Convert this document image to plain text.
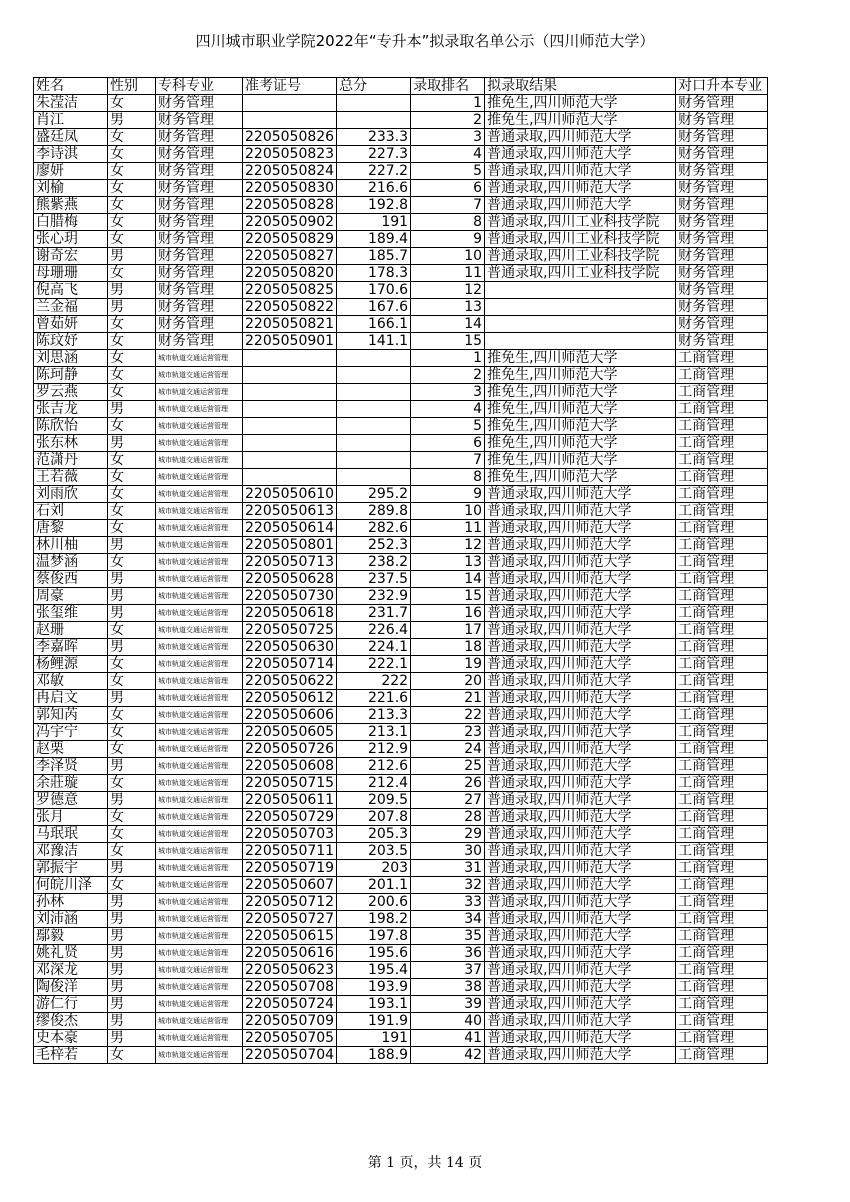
四川城市职业学院2022年“专升本”拟录取名单公示（四川师范大学）
姓名	性别	专科专业	准考证号	总分	录取排名	拟录取结果	对口升本专业
朱滢洁	女	财务管理			1	推免生,四川师范大学	财务管理
肖江	男	财务管理			2	推免生,四川师范大学	财务管理
盛廷凤	女	财务管理	2205050826	233.3	3	普通录取,四川师范大学	财务管理
李诗淇	女	财务管理	2205050823	227.3	4	普通录取,四川师范大学	财务管理
廖妍	女	财务管理	2205050824	227.2	5	普通录取,四川师范大学	财务管理
刘榆	女	财务管理	2205050830	216.6	6	普通录取,四川师范大学	财务管理
熊紫燕	女	财务管理	2205050828	192.8	7	普通录取,四川师范大学	财务管理
白腊梅	女	财务管理	2205050902	191	8	普通录取,四川工业科技学院	财务管理
张心玥	女	财务管理	2205050829	189.4	9	普通录取,四川工业科技学院	财务管理
谢奇宏	男	财务管理	2205050827	185.7	10	普通录取,四川工业科技学院	财务管理
母珊珊	女	财务管理	2205050820	178.3	11	普通录取,四川工业科技学院	财务管理
倪高飞	男	财务管理	2205050825	170.6	12		财务管理
兰金福	男	财务管理	2205050822	167.6	13		财务管理
曾茹妍	女	财务管理	2205050821	166.1	14		财务管理
陈玟妤	女	财务管理	2205050901	141.1	15		财务管理
刘思涵	女	城市轨道交通运营管理			1	推免生,四川师范大学	工商管理
陈珂静	女	城市轨道交通运营管理			2	推免生,四川师范大学	工商管理
罗云燕	女	城市轨道交通运营管理			3	推免生,四川师范大学	工商管理
张吉龙	男	城市轨道交通运营管理			4	推免生,四川师范大学	工商管理
陈欣怡	女	城市轨道交通运营管理			5	推免生,四川师范大学	工商管理
张东林	男	城市轨道交通运营管理			6	推免生,四川师范大学	工商管理
范潇丹	女	城市轨道交通运营管理			7	推免生,四川师范大学	工商管理
王若薇	女	城市轨道交通运营管理			8	推免生,四川师范大学	工商管理
刘雨欣	女	城市轨道交通运营管理	2205050610	295.2	9	普通录取,四川师范大学	工商管理
石刘	女	城市轨道交通运营管理	2205050613	289.8	10	普通录取,四川师范大学	工商管理
唐黎	女	城市轨道交通运营管理	2205050614	282.6	11	普通录取,四川师范大学	工商管理
林川柚	男	城市轨道交通运营管理	2205050801	252.3	12	普通录取,四川师范大学	工商管理
温梦涵	女	城市轨道交通运营管理	2205050713	238.2	13	普通录取,四川师范大学	工商管理
蔡俊西	男	城市轨道交通运营管理	2205050628	237.5	14	普通录取,四川师范大学	工商管理
周豪	男	城市轨道交通运营管理	2205050730	232.9	15	普通录取,四川师范大学	工商管理
张玺维	男	城市轨道交通运营管理	2205050618	231.7	16	普通录取,四川师范大学	工商管理
赵珊	女	城市轨道交通运营管理	2205050725	226.4	17	普通录取,四川师范大学	工商管理
李嘉晖	男	城市轨道交通运营管理	2205050630	224.1	18	普通录取,四川师范大学	工商管理
杨鲤源	女	城市轨道交通运营管理	2205050714	222.1	19	普通录取,四川师范大学	工商管理
邓敏	女	城市轨道交通运营管理	2205050622	222	20	普通录取,四川师范大学	工商管理
冉启文	男	城市轨道交通运营管理	2205050612	221.6	21	普通录取,四川师范大学	工商管理
郭知芮	女	城市轨道交通运营管理	2205050606	213.3	22	普通录取,四川师范大学	工商管理
冯宇宁	女	城市轨道交通运营管理	2205050605	213.1	23	普通录取,四川师范大学	工商管理
赵栗	女	城市轨道交通运营管理	2205050726	212.9	24	普通录取,四川师范大学	工商管理
李泽贤	男	城市轨道交通运营管理	2205050608	212.6	25	普通录取,四川师范大学	工商管理
余莊璇	女	城市轨道交通运营管理	2205050715	212.4	26	普通录取,四川师范大学	工商管理
罗德意	男	城市轨道交通运营管理	2205050611	209.5	27	普通录取,四川师范大学	工商管理
张月	女	城市轨道交通运营管理	2205050729	207.8	28	普通录取,四川师范大学	工商管理
马珉珉	女	城市轨道交通运营管理	2205050703	205.3	29	普通录取,四川师范大学	工商管理
邓豫洁	女	城市轨道交通运营管理	2205050711	203.5	30	普通录取,四川师范大学	工商管理
郭振宇	男	城市轨道交通运营管理	2205050719	203	31	普通录取,四川师范大学	工商管理
何皖川泽	女	城市轨道交通运营管理	2205050607	201.1	32	普通录取,四川师范大学	工商管理
孙林	男	城市轨道交通运营管理	2205050712	200.6	33	普通录取,四川师范大学	工商管理
刘沛涵	男	城市轨道交通运营管理	2205050727	198.2	34	普通录取,四川师范大学	工商管理
鄢毅	男	城市轨道交通运营管理	2205050615	197.8	35	普通录取,四川师范大学	工商管理
姚礼贤	男	城市轨道交通运营管理	2205050616	195.6	36	普通录取,四川师范大学	工商管理
邓深龙	男	城市轨道交通运营管理	2205050623	195.4	37	普通录取,四川师范大学	工商管理
陶俊洋	男	城市轨道交通运营管理	2205050708	193.9	38	普通录取,四川师范大学	工商管理
游仁行	男	城市轨道交通运营管理	2205050724	193.1	39	普通录取,四川师范大学	工商管理
缪俊杰	男	城市轨道交通运营管理	2205050709	191.9	40	普通录取,四川师范大学	工商管理
史本豪	男	城市轨道交通运营管理	2205050705	191	41	普通录取,四川师范大学	工商管理
毛梓若	女	城市轨道交通运营管理	2205050704	188.9	42	普通录取,四川师范大学	工商管理
第 1 页，共 14 页
